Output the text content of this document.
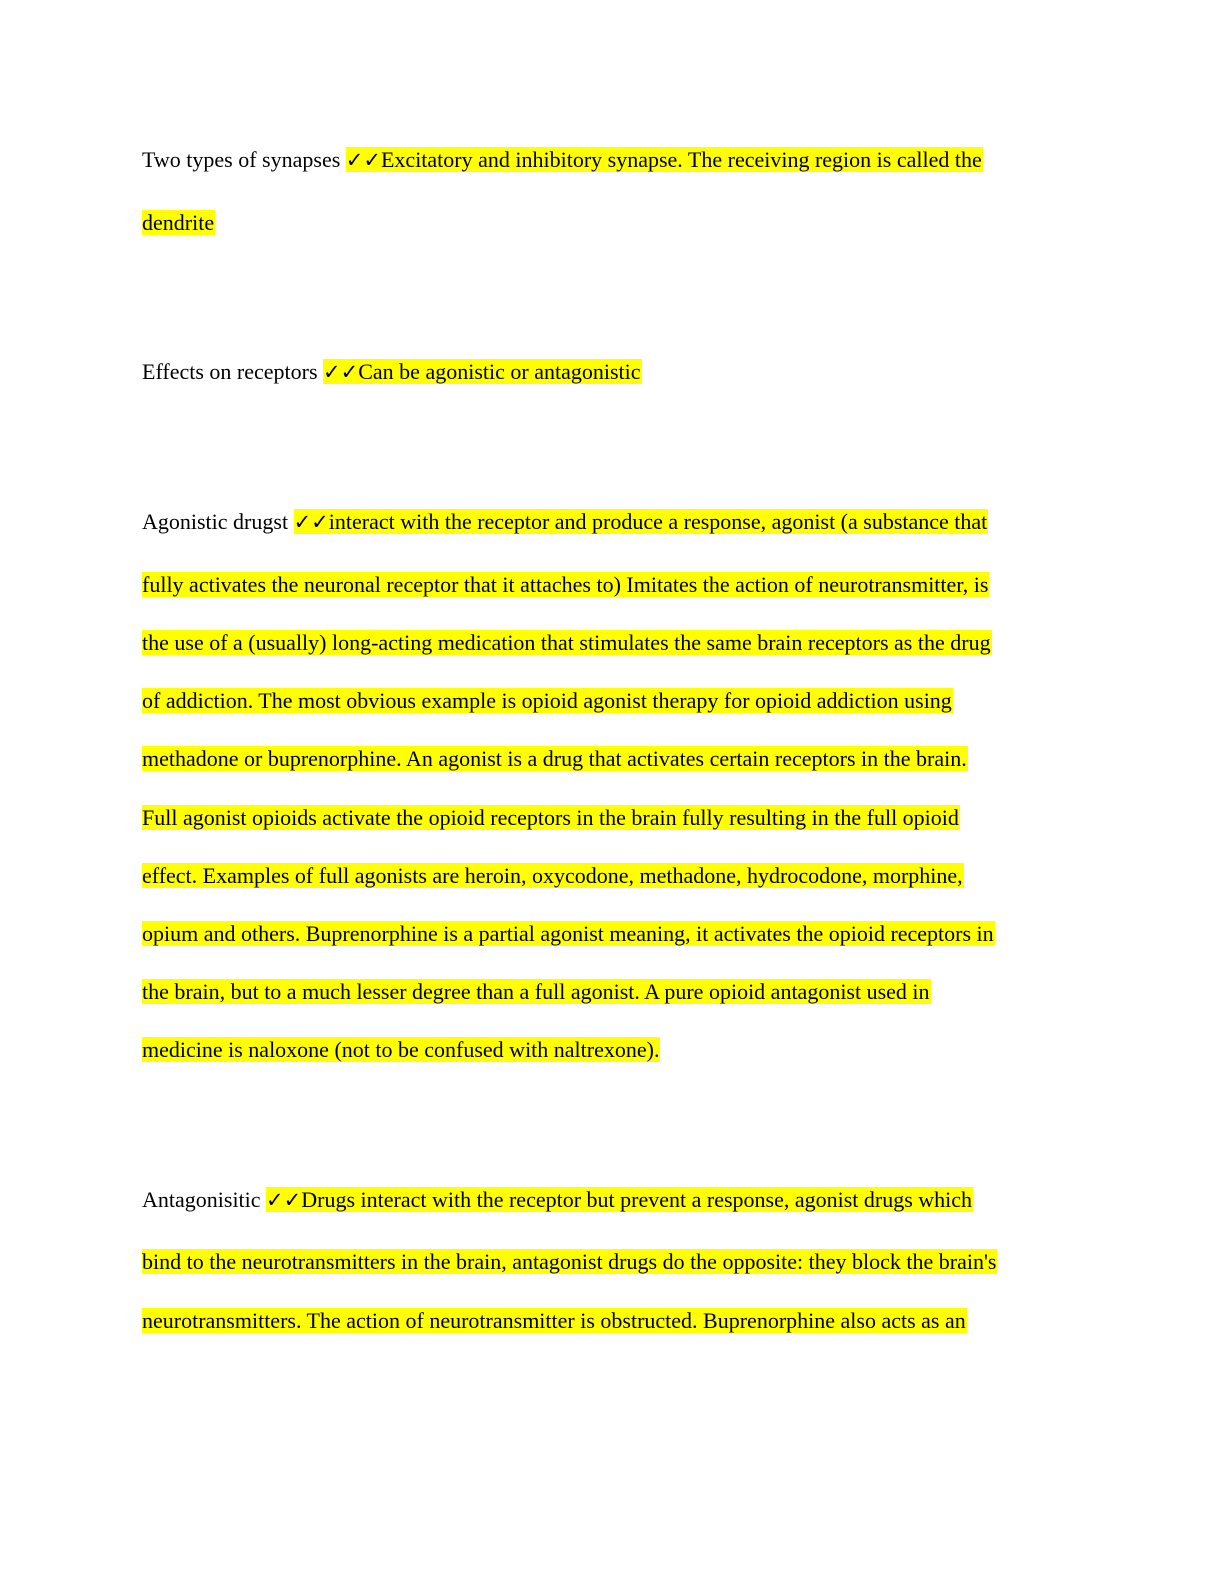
Two types of synapses ✓✓Excitatory and inhibitory synapse. The receiving region is called the
dendrite
Effects on receptors ✓✓Can be agonistic or antagonistic
Agonistic drugst ✓✓interact with the receptor and produce a response, agonist (a substance that
fully activates the neuronal receptor that it attaches to) Imitates the action of neurotransmitter, is
the use of a (usually) long-acting medication that stimulates the same brain receptors as the drug
of addiction. The most obvious example is opioid agonist therapy for opioid addiction using
methadone or buprenorphine. An agonist is a drug that activates certain receptors in the brain.
Full agonist opioids activate the opioid receptors in the brain fully resulting in the full opioid
effect. Examples of full agonists are heroin, oxycodone, methadone, hydrocodone, morphine,
opium and others. Buprenorphine is a partial agonist meaning, it activates the opioid receptors in
the brain, but to a much lesser degree than a full agonist. A pure opioid antagonist used in
medicine is naloxone (not to be confused with naltrexone).
Antagonisitic ✓✓Drugs interact with the receptor but prevent a response, agonist drugs which
bind to the neurotransmitters in the brain, antagonist drugs do the opposite: they block the brain's
neurotransmitters. The action of neurotransmitter is obstructed. Buprenorphine also acts as an
